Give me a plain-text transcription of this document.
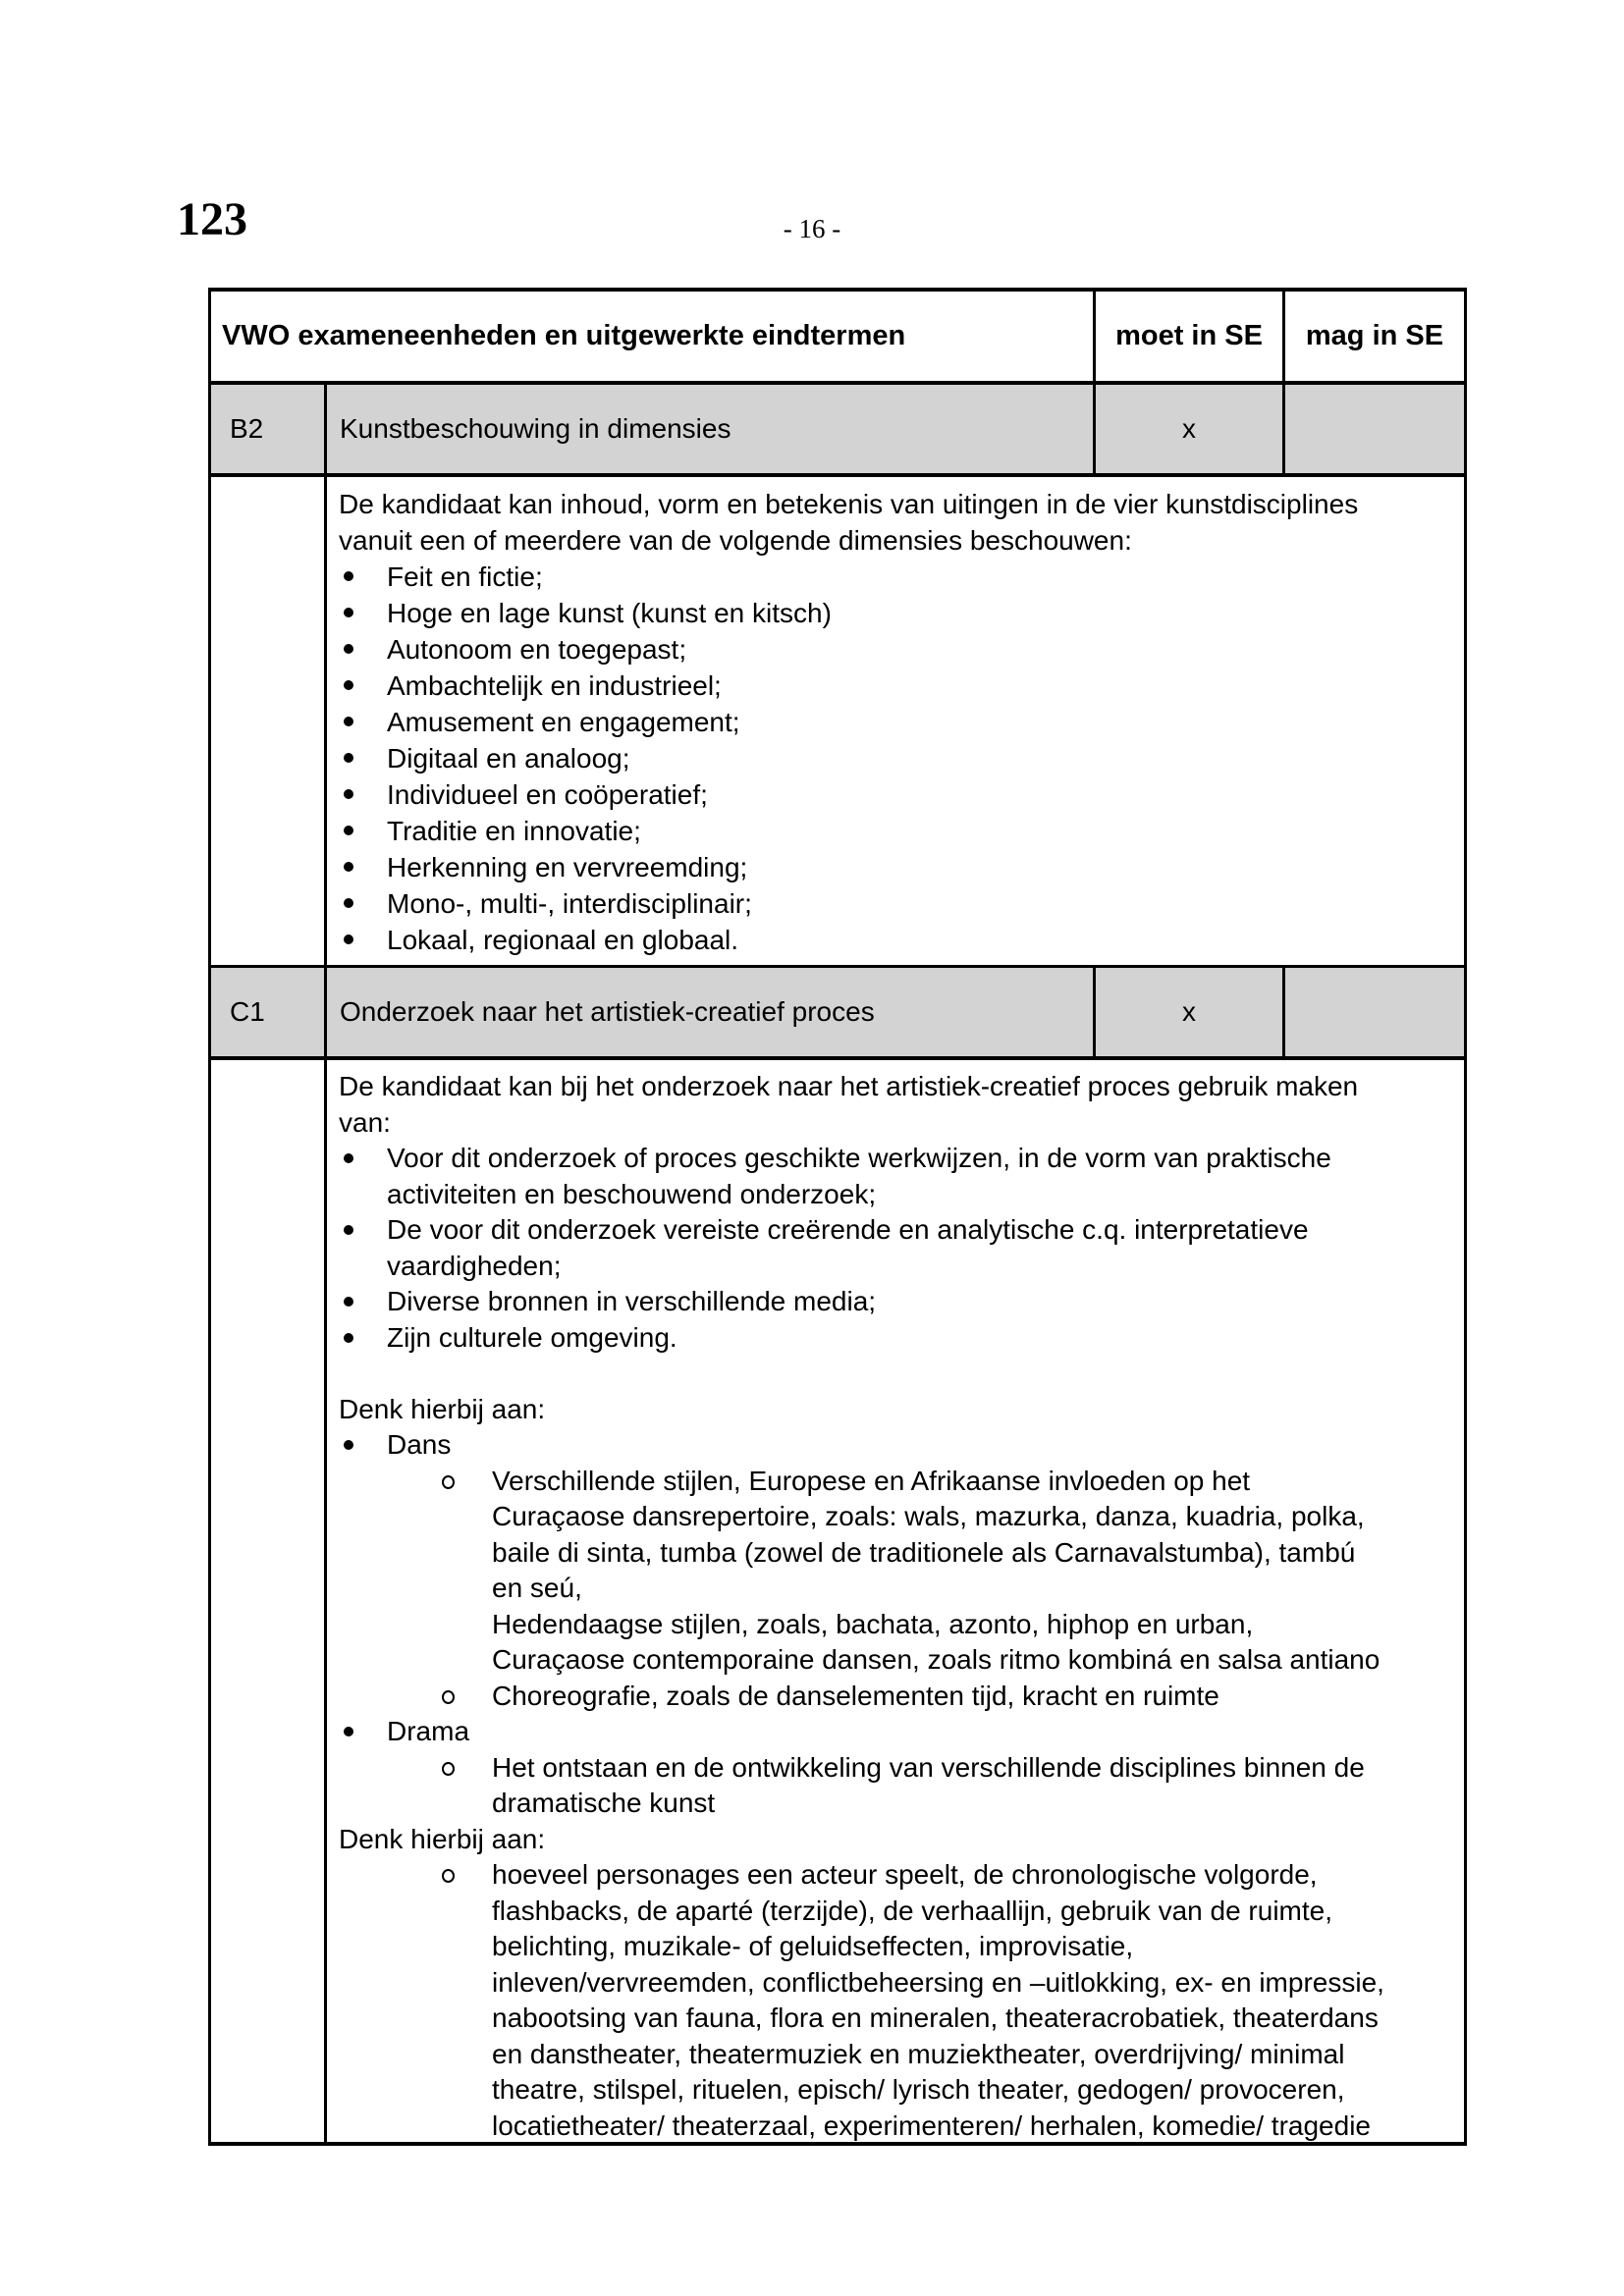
123	- 16 -
VWO exameneenheden en uitgewerkte eindtermen	moet in SE	mag in SE
B2	Kunstbeschouwing in dimensies	x
De kandidaat kan inhoud, vorm en betekenis van uitingen in de vier kunstdisciplines
vanuit een of meerdere van de volgende dimensies beschouwen:
Feit en fictie;
Hoge en lage kunst (kunst en kitsch)
Autonoom en toegepast;
Ambachtelijk en industrieel;
Amusement en engagement;
Digitaal en analoog;
Individueel en coöperatief;
Traditie en innovatie;
Herkenning en vervreemding;
Mono-, multi-, interdisciplinair;
Lokaal, regionaal en globaal.
C1	Onderzoek naar het artistiek-creatief proces	x
De kandidaat kan bij het onderzoek naar het artistiek-creatief proces gebruik maken
van:
Voor dit onderzoek of proces geschikte werkwijzen, in de vorm van praktische
activiteiten en beschouwend onderzoek;
De voor dit onderzoek vereiste creërende en analytische c.q. interpretatieve
vaardigheden;
Diverse bronnen in verschillende media;
Zijn culturele omgeving.

Denk hierbij aan:
Dans
Verschillende stijlen, Europese en Afrikaanse invloeden op het
Curaçaose dansrepertoire, zoals: wals, mazurka, danza, kuadria, polka,
baile di sinta, tumba (zowel de traditionele als Carnavalstumba), tambú
en seú,
Hedendaagse stijlen, zoals, bachata, azonto, hiphop en urban,
Curaçaose contemporaine dansen, zoals ritmo kombiná en salsa antiano
Choreografie, zoals de danselementen tijd, kracht en ruimte
Drama
Het ontstaan en de ontwikkeling van verschillende disciplines binnen de
dramatische kunst
Denk hierbij aan:
hoeveel personages een acteur speelt, de chronologische volgorde,
flashbacks, de aparté (terzijde), de verhaallijn, gebruik van de ruimte,
belichting, muzikale- of geluidseffecten, improvisatie,
inleven/vervreemden, conflictbeheersing en –uitlokking, ex- en impressie,
nabootsing van fauna, flora en mineralen, theateracrobatiek, theaterdans
en danstheater, theatermuziek en muziektheater, overdrijving/ minimal
theatre, stilspel, rituelen, episch/ lyrisch theater, gedogen/ provoceren,
locatietheater/ theaterzaal, experimenteren/ herhalen, komedie/ tragedie
